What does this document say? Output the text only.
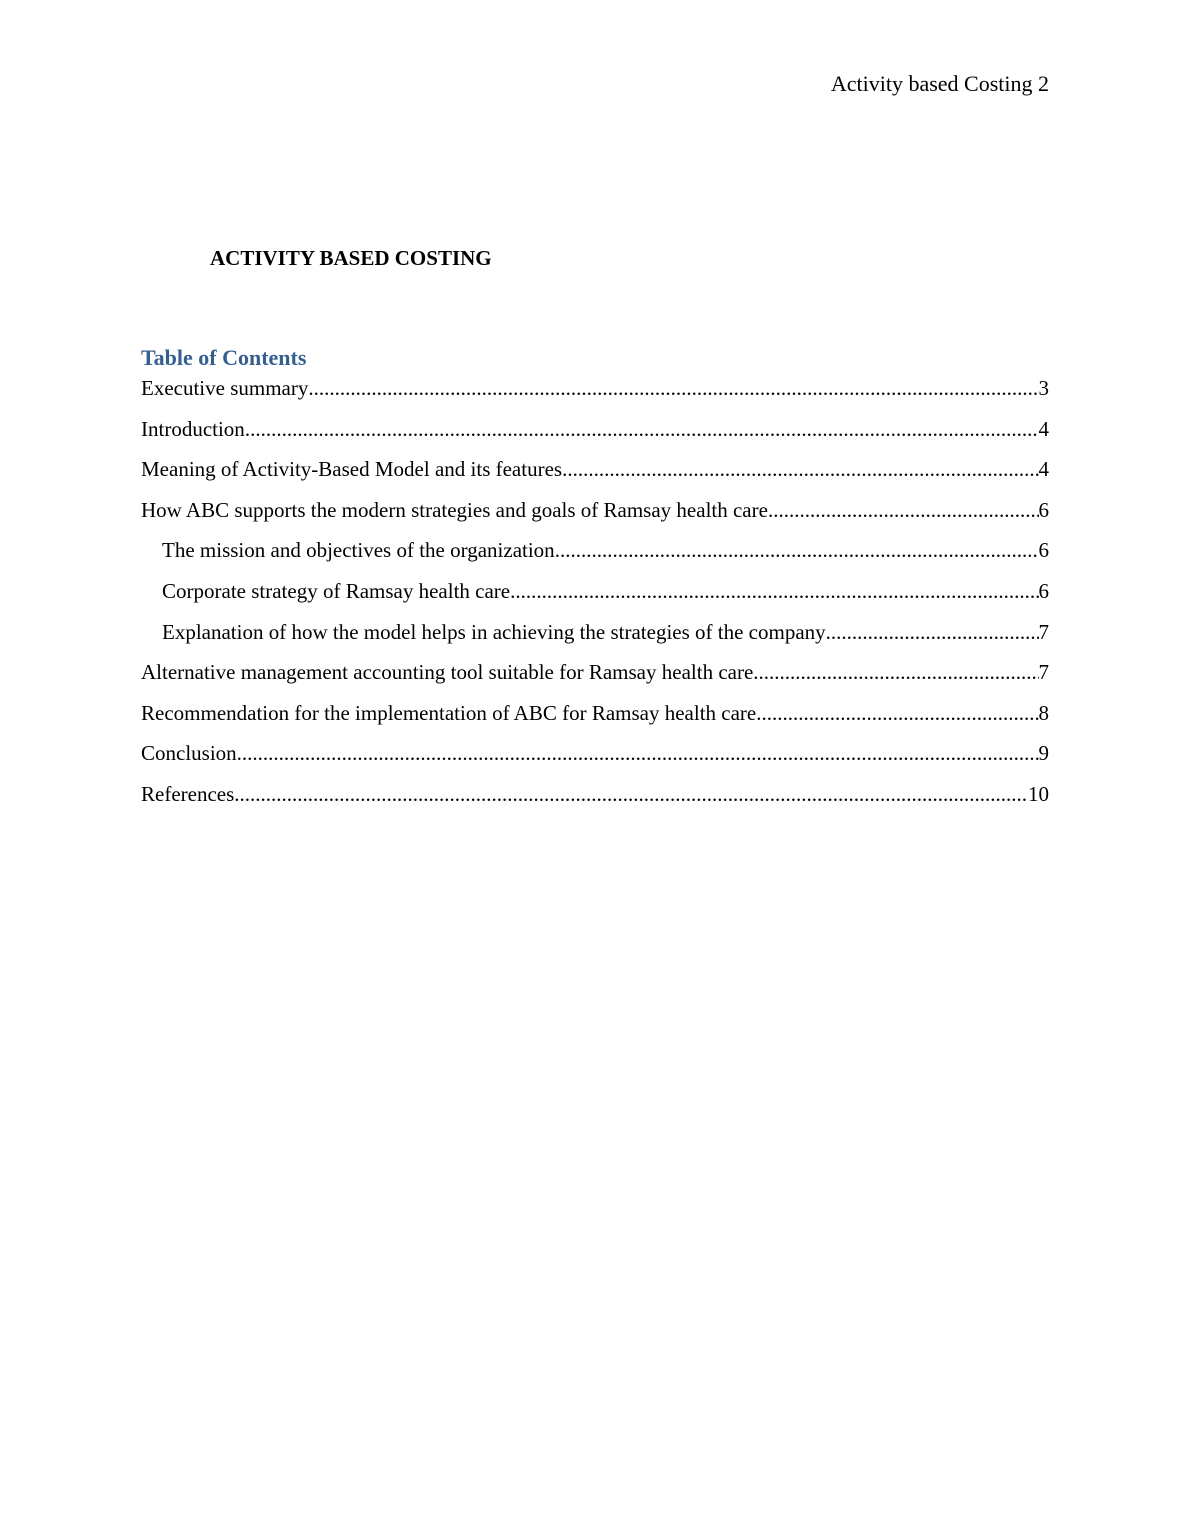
Activity based Costing 2
ACTIVITY BASED COSTING
Table of Contents
Executive summary .....	3
Introduction .....	4
Meaning of Activity-Based Model and its features .....	4
How ABC supports the modern strategies and goals of Ramsay health care .....	6
The mission and objectives of the organization .....	6
Corporate strategy of Ramsay health care .....	6
Explanation of how the model helps in achieving the strategies of the company .....	7
Alternative management accounting tool suitable for Ramsay health care .....	7
Recommendation for the implementation of ABC for Ramsay health care .....	8
Conclusion .....	9
References .....	10
